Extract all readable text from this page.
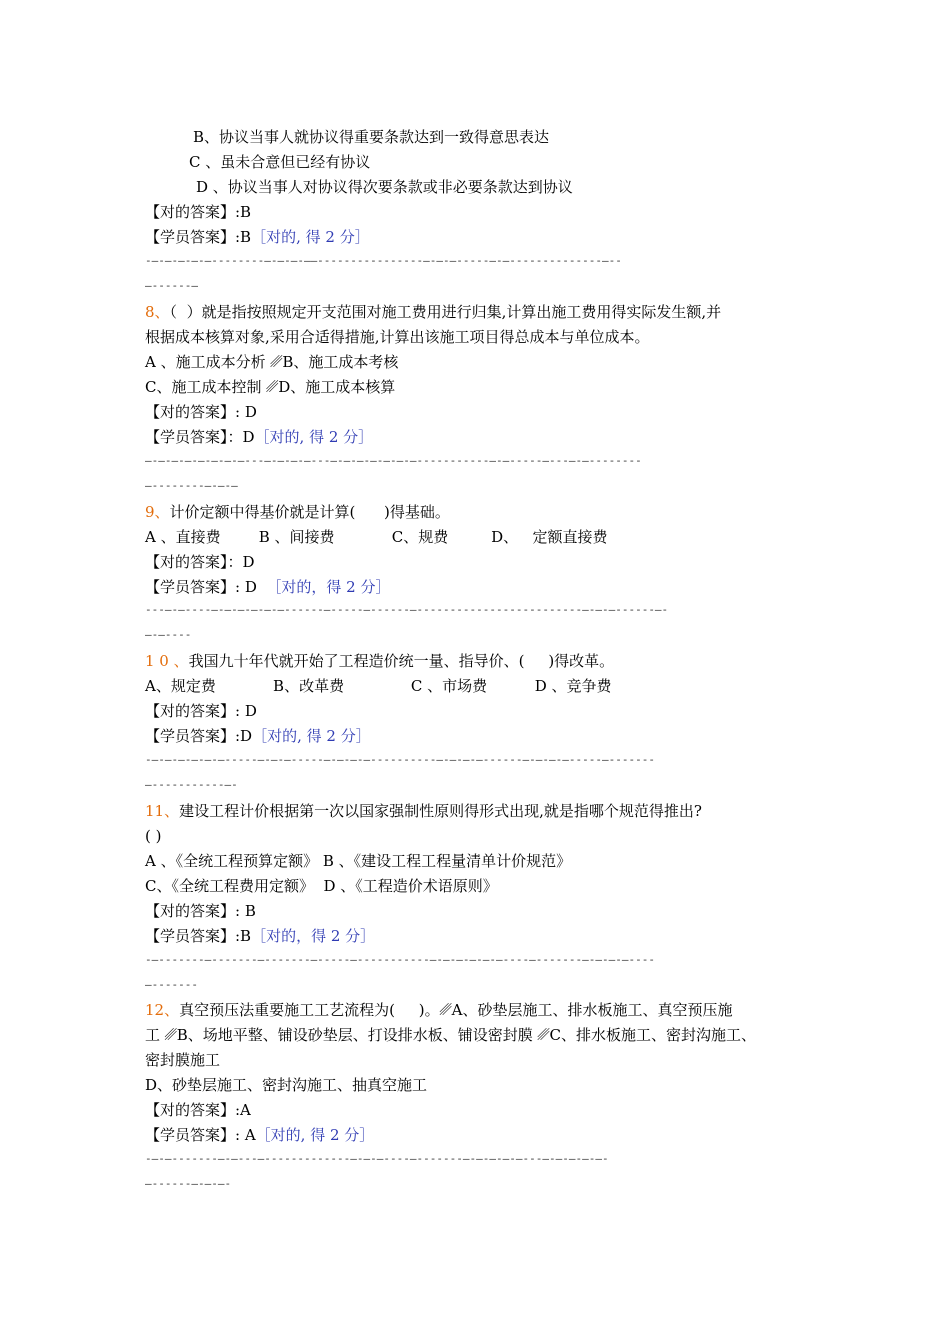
B、协议当事人就协议得重要条款达到一致得意思表达
C 、虽未合意但已经有协议
D 、协议当事人对协议得次要条款或非必要条款达到协议
【对的答案】:B
【学员答案】:B［对的, 得 2 分］
-—-—-—-—-—--------—-—-—-——----------------—-—-—-----—-—--------------—--
—------—
8、（  ）就是指按照规定开支范围对施工费用进行归集,计算出施工费用得实际发生额,并
根据成本核算对象,采用合适得措施,计算出该施工项目得总成本与单位成本。
A 、施工成本分析 ␥B、施工成本考核
C、施工成本控制 ␥D、施工成本核算
【对的答案】: D
【学员答案】：D［对的, 得 2 分］
—-—-—-—-—-—-—-—---—-—-—-—---—-—-—-—-—-—-—-----------—-—-----—---—-—--------
—--------—-—-—
9、计价定额中得基价就是计算(      )得基础。
A 、直接费        B 、间接费            C、规费         D、   定额直接费
【对的答案】：D
【学员答案】: D  ［对的，得 2 分］
---—-—----—-—-—-—-—-—------—-----—------—-------------------------—-—-—------—-
—-—----
1 0 、我国九十年代就开始了工程造价统一量、指导价、(     )得改革。
A、规定费            B、改革费              C 、市场费          D 、竞争费
【对的答案】: D
【学员答案】:D［对的, 得 2 分］
-—-—-—-—-—-—-----—-—-—-----—-—-—-—----------—-—-—-—------—-—-—-—-----—-------
—-----------—-
11、建设工程计价根据第一次以国家强制性原则得形式出现,就是指哪个规范得推出?
( )
A 、《全统工程预算定额》 B 、《建设工程工程量清单计价规范》
C、《全统工程费用定额》  D 、《工程造价术语原则》
【对的答案】: B
【学员答案】:B［对的，得 2 分］
-—-------—-------—-------—-----—-----------—-—-—-—-—-—----—-------—-—-—-—----
—-------
12、真空预压法重要施工工艺流程为(     )。␥A、砂垫层施工、排水板施工、真空预压施
工 ␥B、场地平整、铺设砂垫层、打设排水板、铺设密封膜 ␥C、排水板施工、密封沟施工、
密封膜施工
D、砂垫层施工、密封沟施工、抽真空施工
【对的答案】:A
【学员答案】: A［对的, 得 2 分］
-—-—-------—-—---—-------------—-—-—----—-------—-—-—-—-—---—-—-—-—-—-
—------—-—-—-
